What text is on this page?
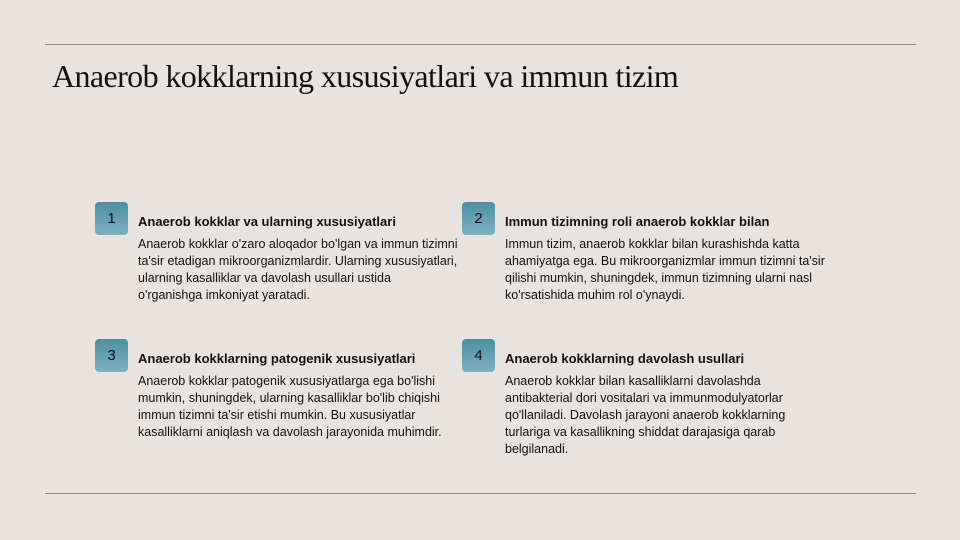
Anaerob kokklarning xususiyatlari va immun tizim
1	Anaerob kokklar va ularning xususiyatlari

Anaerob kokklar o'zaro aloqador bo'lgan va immun tizimni ta'sir etadigan mikroorganizmlardir. Ularning xususiyatlari, ularning kasalliklar va davolash usullari ustida o'rganishga imkoniyat yaratadi.

2	Immun tizimning roli anaerob kokklar bilan

Immun tizim, anaerob kokklar bilan kurashishda katta ahamiyatga ega. Bu mikroorganizmlar immun tizimni ta'sir qilishi mumkin, shuningdek, immun tizimning ularni nasl ko'rsatishida muhim rol o'ynaydi.

3	Anaerob kokklarning patogenik xususiyatlari

Anaerob kokklar patogenik xususiyatlarga ega bo'lishi mumkin, shuningdek, ularning kasalliklar bo'lib chiqishi immun tizimni ta'sir etishi mumkin. Bu xususiyatlar kasalliklarni aniqlash va davolash jarayonida muhimdir.

4	Anaerob kokklarning davolash usullari

Anaerob kokklar bilan kasalliklarni davolashda antibakterial dori vositalari va immunmodulyatorlar qo'llaniladi. Davolash jarayoni anaerob kokklarning turlariga va kasallikning shiddat darajasiga qarab belgilanadi.
